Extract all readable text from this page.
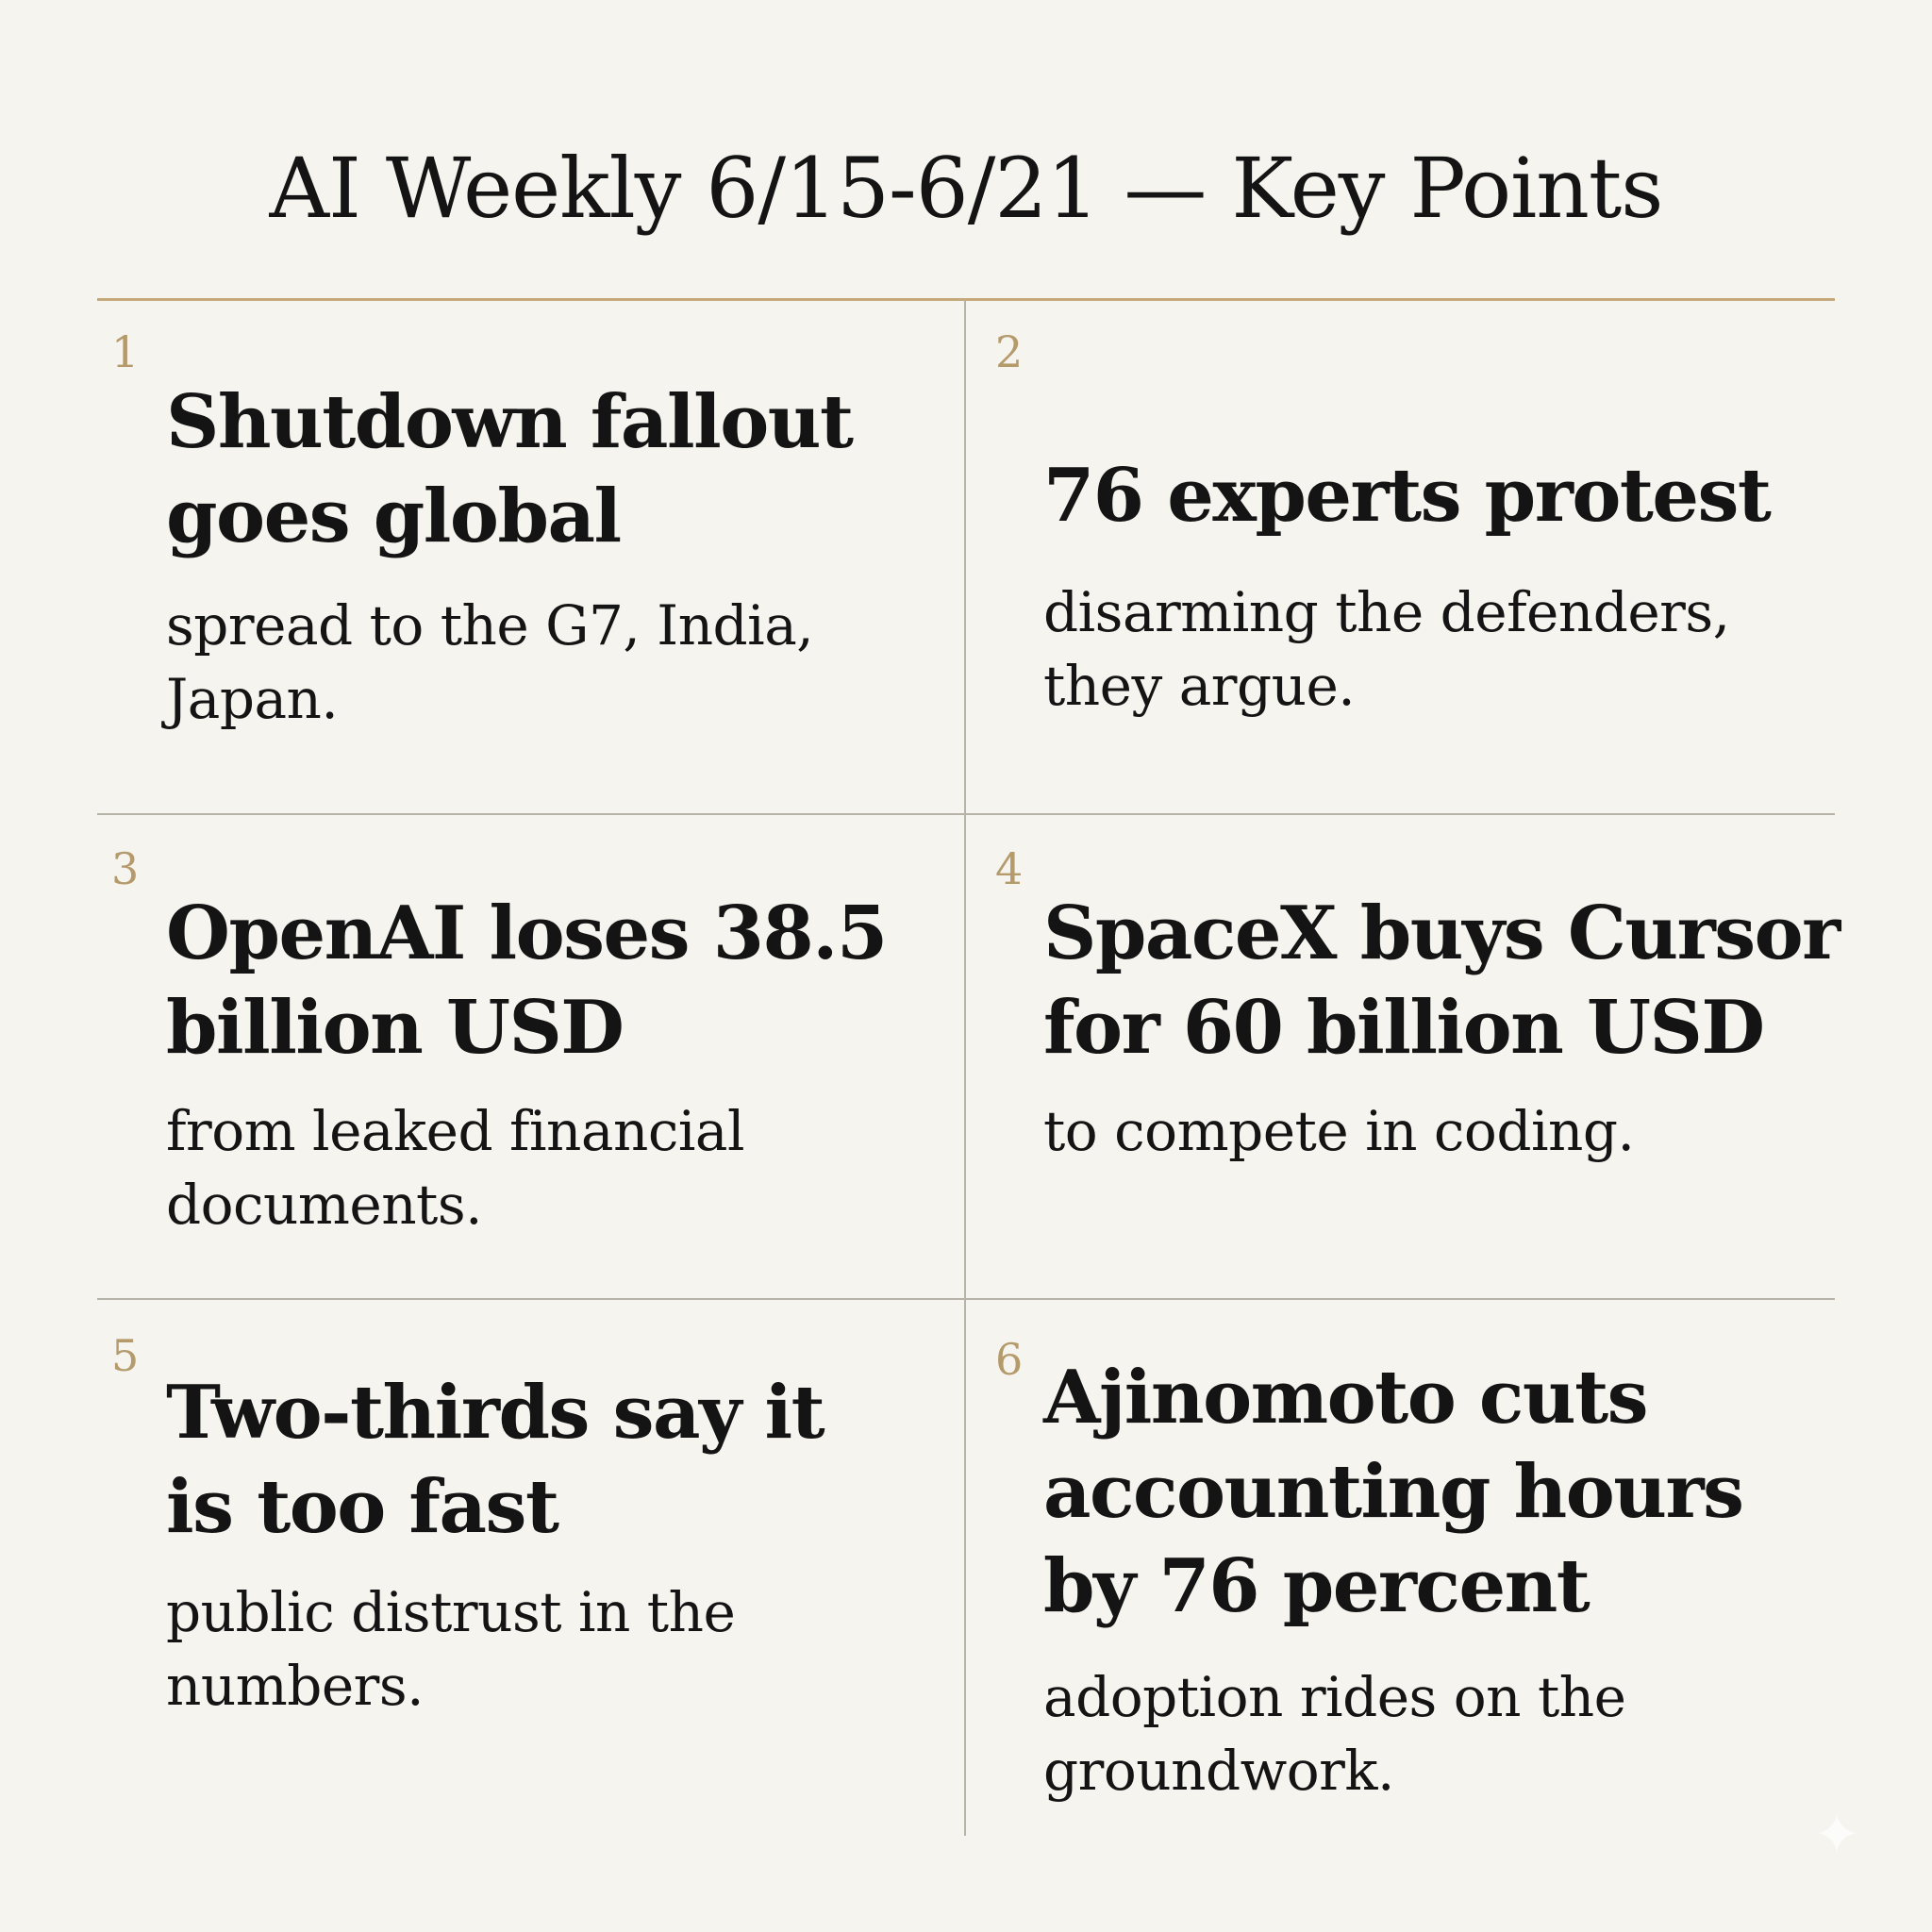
AI Weekly 6/15-6/21 — Key Points
1
Shutdown fallout
goes global
spread to the G7, India,
Japan.
2
76 experts protest
disarming the defenders,
they argue.
3
OpenAI loses 38.5
billion USD
from leaked financial
documents.
4
SpaceX buys Cursor
for 60 billion USD
to compete in coding.
5
Two-thirds say it
is too fast
public distrust in the
numbers.
6 Ajinomoto cuts
accounting hours
by 76 percent
adoption rides on the
groundwork.
✦
